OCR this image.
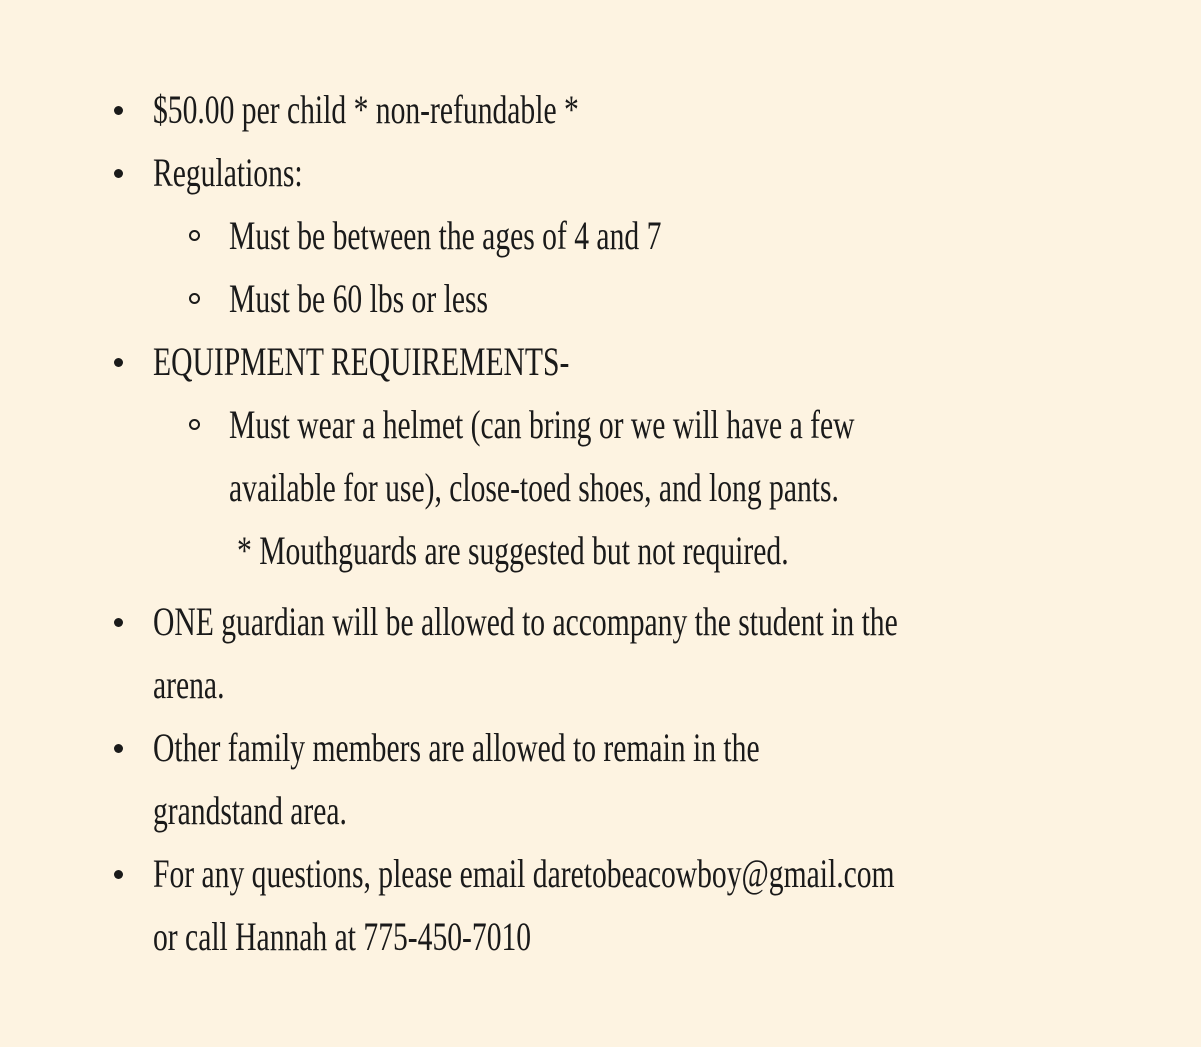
$50.00 per child * non-refundable *
Regulations:
Must be between the ages of 4 and 7
Must be 60 lbs or less
EQUIPMENT REQUIREMENTS-
Must wear a helmet (can bring or we will have a few
available for use), close-toed shoes, and long pants.
* Mouthguards are suggested but not required.
ONE guardian will be allowed to accompany the student in the
arena.
Other family members are allowed to remain in the
grandstand area.
For any questions, please email daretobeacowboy@gmail.com
or call Hannah at 775-450-7010
